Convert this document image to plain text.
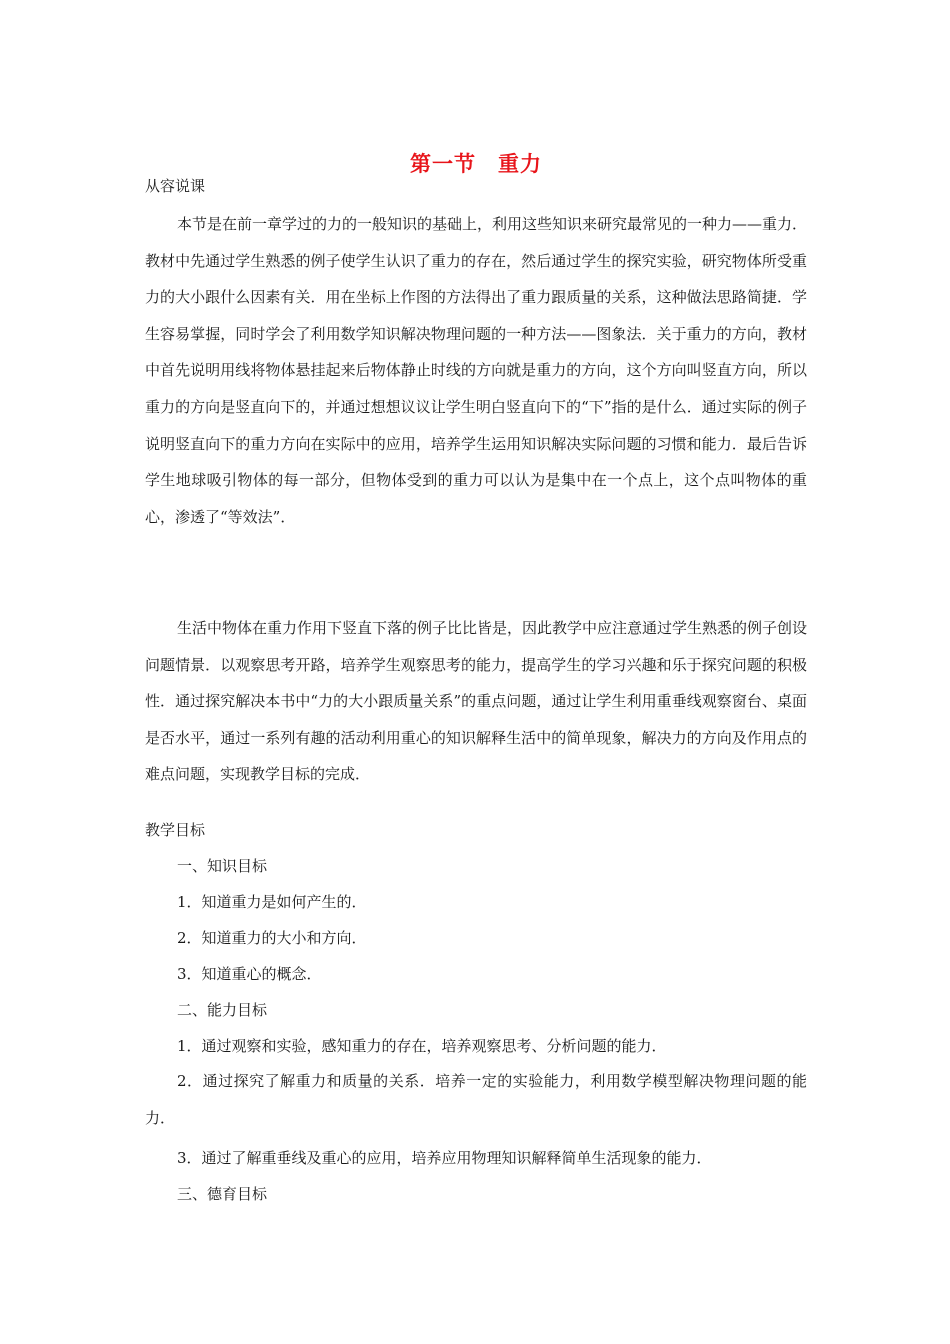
第一节　重力
从容说课

本节是在前一章学过的力的一般知识的基础上，利用这些知识来研究最常见的一种力——重力．教材中先通过学生熟悉的例子使学生认识了重力的存在，然后通过学生的探究实验，研究物体所受重力的大小跟什么因素有关．用在坐标上作图的方法得出了重力跟质量的关系，这种做法思路简捷．学生容易掌握，同时学会了利用数学知识解决物理问题的一种方法——图象法．关于重力的方向，教材中首先说明用线将物体悬挂起来后物体静止时线的方向就是重力的方向，这个方向叫竖直方向，所以重力的方向是竖直向下的，并通过想想议议让学生明白竖直向下的“下”指的是什么．通过实际的例子说明竖直向下的重力方向在实际中的应用，培养学生运用知识解决实际问题的习惯和能力．最后告诉学生地球吸引物体的每一部分，但物体受到的重力可以认为是集中在一个点上，这个点叫物体的重心，渗透了“等效法”．

生活中物体在重力作用下竖直下落的例子比比皆是，因此教学中应注意通过学生熟悉的例子创设问题情景．以观察思考开路，培养学生观察思考的能力，提高学生的学习兴趣和乐于探究问题的积极性．通过探究解决本书中“力的大小跟质量关系”的重点问题，通过让学生利用重垂线观察窗台、桌面是否水平，通过一系列有趣的活动利用重心的知识解释生活中的简单现象，解决力的方向及作用点的难点问题，实现教学目标的完成．

教学目标
一、知识目标
1．知道重力是如何产生的．
2．知道重力的大小和方向．
3．知道重心的概念．
二、能力目标
1．通过观察和实验，感知重力的存在，培养观察思考、分析问题的能力．

2．通过探究了解重力和质量的关系．培养一定的实验能力，利用数学模型解决物理问题的能力．

3．通过了解重垂线及重心的应用，培养应用物理知识解释简单生活现象的能力．
三、德育目标
